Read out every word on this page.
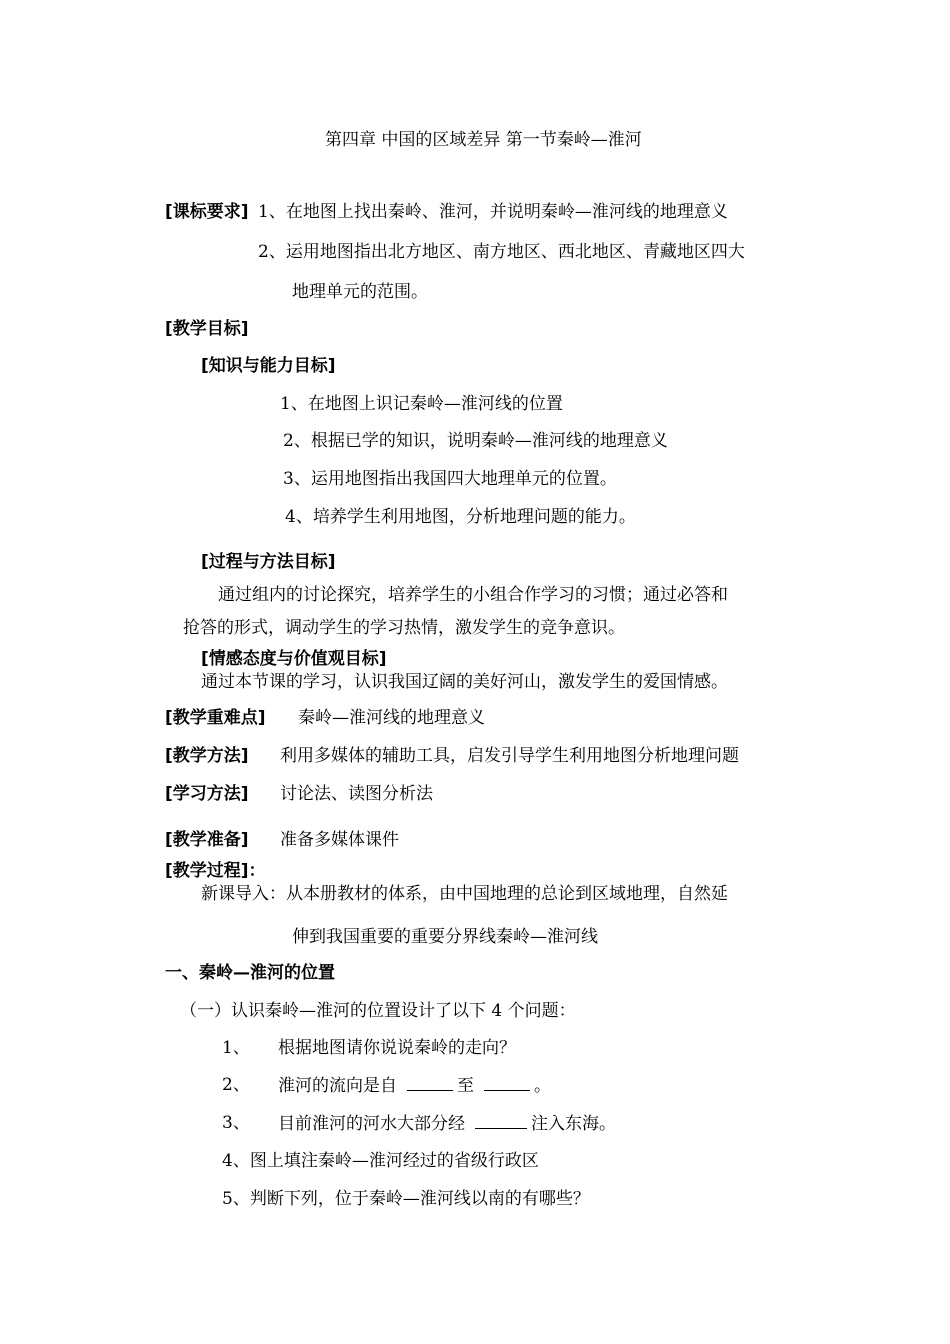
第四章 中国的区域差异 第一节秦岭—淮河
[课标要求] 1、在地图上找出秦岭、淮河，并说明秦岭—淮河线的地理意义
2、运用地图指出北方地区、南方地区、西北地区、青藏地区四大
地理单元的范围。
[教学目标]
[知识与能力目标]
1、在地图上识记秦岭—淮河线的位置
2、根据已学的知识，说明秦岭—淮河线的地理意义
3、运用地图指出我国四大地理单元的位置。
4、培养学生利用地图，分析地理问题的能力。
[过程与方法目标]
通过组内的讨论探究，培养学生的小组合作学习的习惯；通过必答和
抢答的形式，调动学生的学习热情，激发学生的竞争意识。
[情感态度与价值观目标]
通过本节课的学习，认识我国辽阔的美好河山，激发学生的爱国情感。
[教学重难点] 秦岭—淮河线的地理意义
[教学方法] 利用多媒体的辅助工具，启发引导学生利用地图分析地理问题
[学习方法] 讨论法、读图分析法
[教学准备] 准备多媒体课件
[教学过程]：
新课导入：从本册教材的体系，由中国地理的总论到区域地理，自然延
伸到我国重要的重要分界线秦岭—淮河线
一、秦岭—淮河的位置
（一）认识秦岭—淮河的位置设计了以下 4 个问题：
1、 根据地图请你说说秦岭的走向？
2、 淮河的流向是自	至	。
3、 目前淮河的河水大部分经	注入东海。
4、图上填注秦岭—淮河经过的省级行政区
5、判断下列，位于秦岭—淮河线以南的有哪些？
